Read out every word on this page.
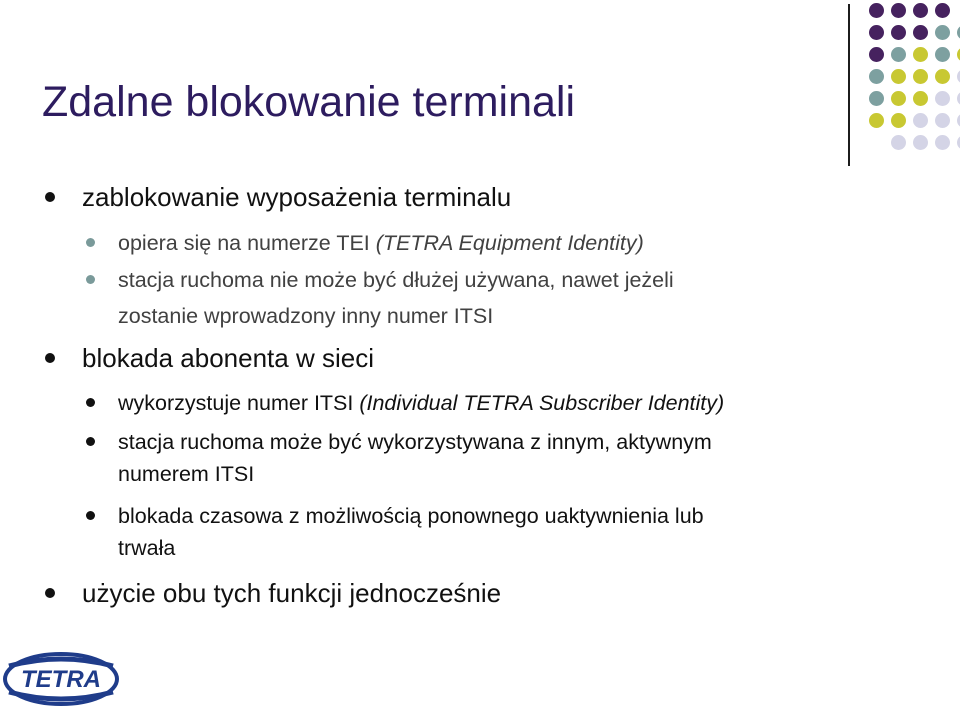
Zdalne blokowanie terminali
zablokowanie wyposażenia terminalu
opiera się na numerze TEI (TETRA Equipment Identity)
stacja ruchoma nie może być dłużej używana, nawet jeżeli
zostanie wprowadzony inny numer ITSI
blokada abonenta w sieci
wykorzystuje numer ITSI (Individual TETRA Subscriber Identity)
stacja ruchoma może być wykorzystywana z innym, aktywnym
numerem ITSI
blokada czasowa z możliwością ponownego uaktywnienia lub
trwała
użycie obu tych funkcji jednocześnie
TETRA
